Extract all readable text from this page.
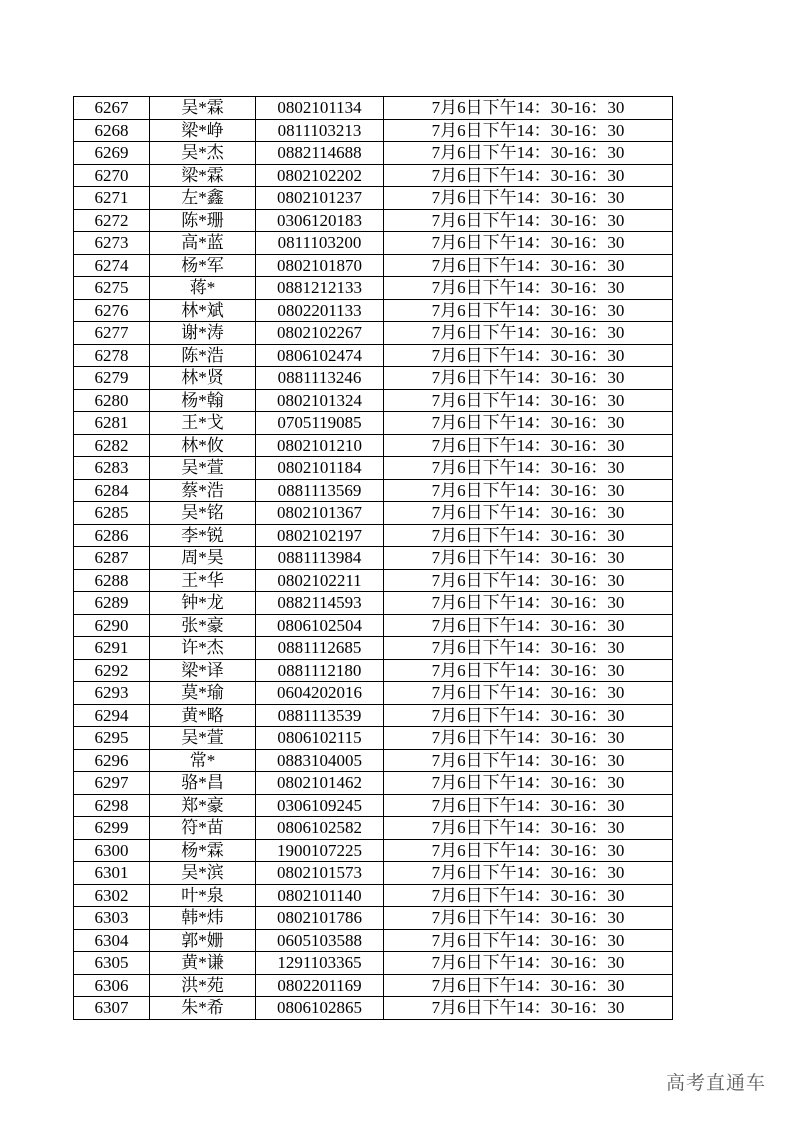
6267	吴*霖	0802101134	7月6日下午14：30-16：30
6268	梁*峥	0811103213	7月6日下午14：30-16：30
6269	吴*杰	0882114688	7月6日下午14：30-16：30
6270	梁*霖	0802102202	7月6日下午14：30-16：30
6271	左*鑫	0802101237	7月6日下午14：30-16：30
6272	陈*珊	0306120183	7月6日下午14：30-16：30
6273	高*蓝	0811103200	7月6日下午14：30-16：30
6274	杨*军	0802101870	7月6日下午14：30-16：30
6275	蒋*	0881212133	7月6日下午14：30-16：30
6276	林*斌	0802201133	7月6日下午14：30-16：30
6277	谢*涛	0802102267	7月6日下午14：30-16：30
6278	陈*浩	0806102474	7月6日下午14：30-16：30
6279	林*贤	0881113246	7月6日下午14：30-16：30
6280	杨*翰	0802101324	7月6日下午14：30-16：30
6281	王*戈	0705119085	7月6日下午14：30-16：30
6282	林*攸	0802101210	7月6日下午14：30-16：30
6283	吴*萱	0802101184	7月6日下午14：30-16：30
6284	蔡*浩	0881113569	7月6日下午14：30-16：30
6285	吴*铭	0802101367	7月6日下午14：30-16：30
6286	李*锐	0802102197	7月6日下午14：30-16：30
6287	周*昊	0881113984	7月6日下午14：30-16：30
6288	王*华	0802102211	7月6日下午14：30-16：30
6289	钟*龙	0882114593	7月6日下午14：30-16：30
6290	张*豪	0806102504	7月6日下午14：30-16：30
6291	许*杰	0881112685	7月6日下午14：30-16：30
6292	梁*译	0881112180	7月6日下午14：30-16：30
6293	莫*瑜	0604202016	7月6日下午14：30-16：30
6294	黄*略	0881113539	7月6日下午14：30-16：30
6295	吴*萱	0806102115	7月6日下午14：30-16：30
6296	常*	0883104005	7月6日下午14：30-16：30
6297	骆*昌	0802101462	7月6日下午14：30-16：30
6298	郑*豪	0306109245	7月6日下午14：30-16：30
6299	符*苗	0806102582	7月6日下午14：30-16：30
6300	杨*霖	1900107225	7月6日下午14：30-16：30
6301	吴*滨	0802101573	7月6日下午14：30-16：30
6302	叶*泉	0802101140	7月6日下午14：30-16：30
6303	韩*炜	0802101786	7月6日下午14：30-16：30
6304	郭*姗	0605103588	7月6日下午14：30-16：30
6305	黄*谦	1291103365	7月6日下午14：30-16：30
6306	洪*苑	0802201169	7月6日下午14：30-16：30
6307	朱*希	0806102865	7月6日下午14：30-16：30
高考直通车
